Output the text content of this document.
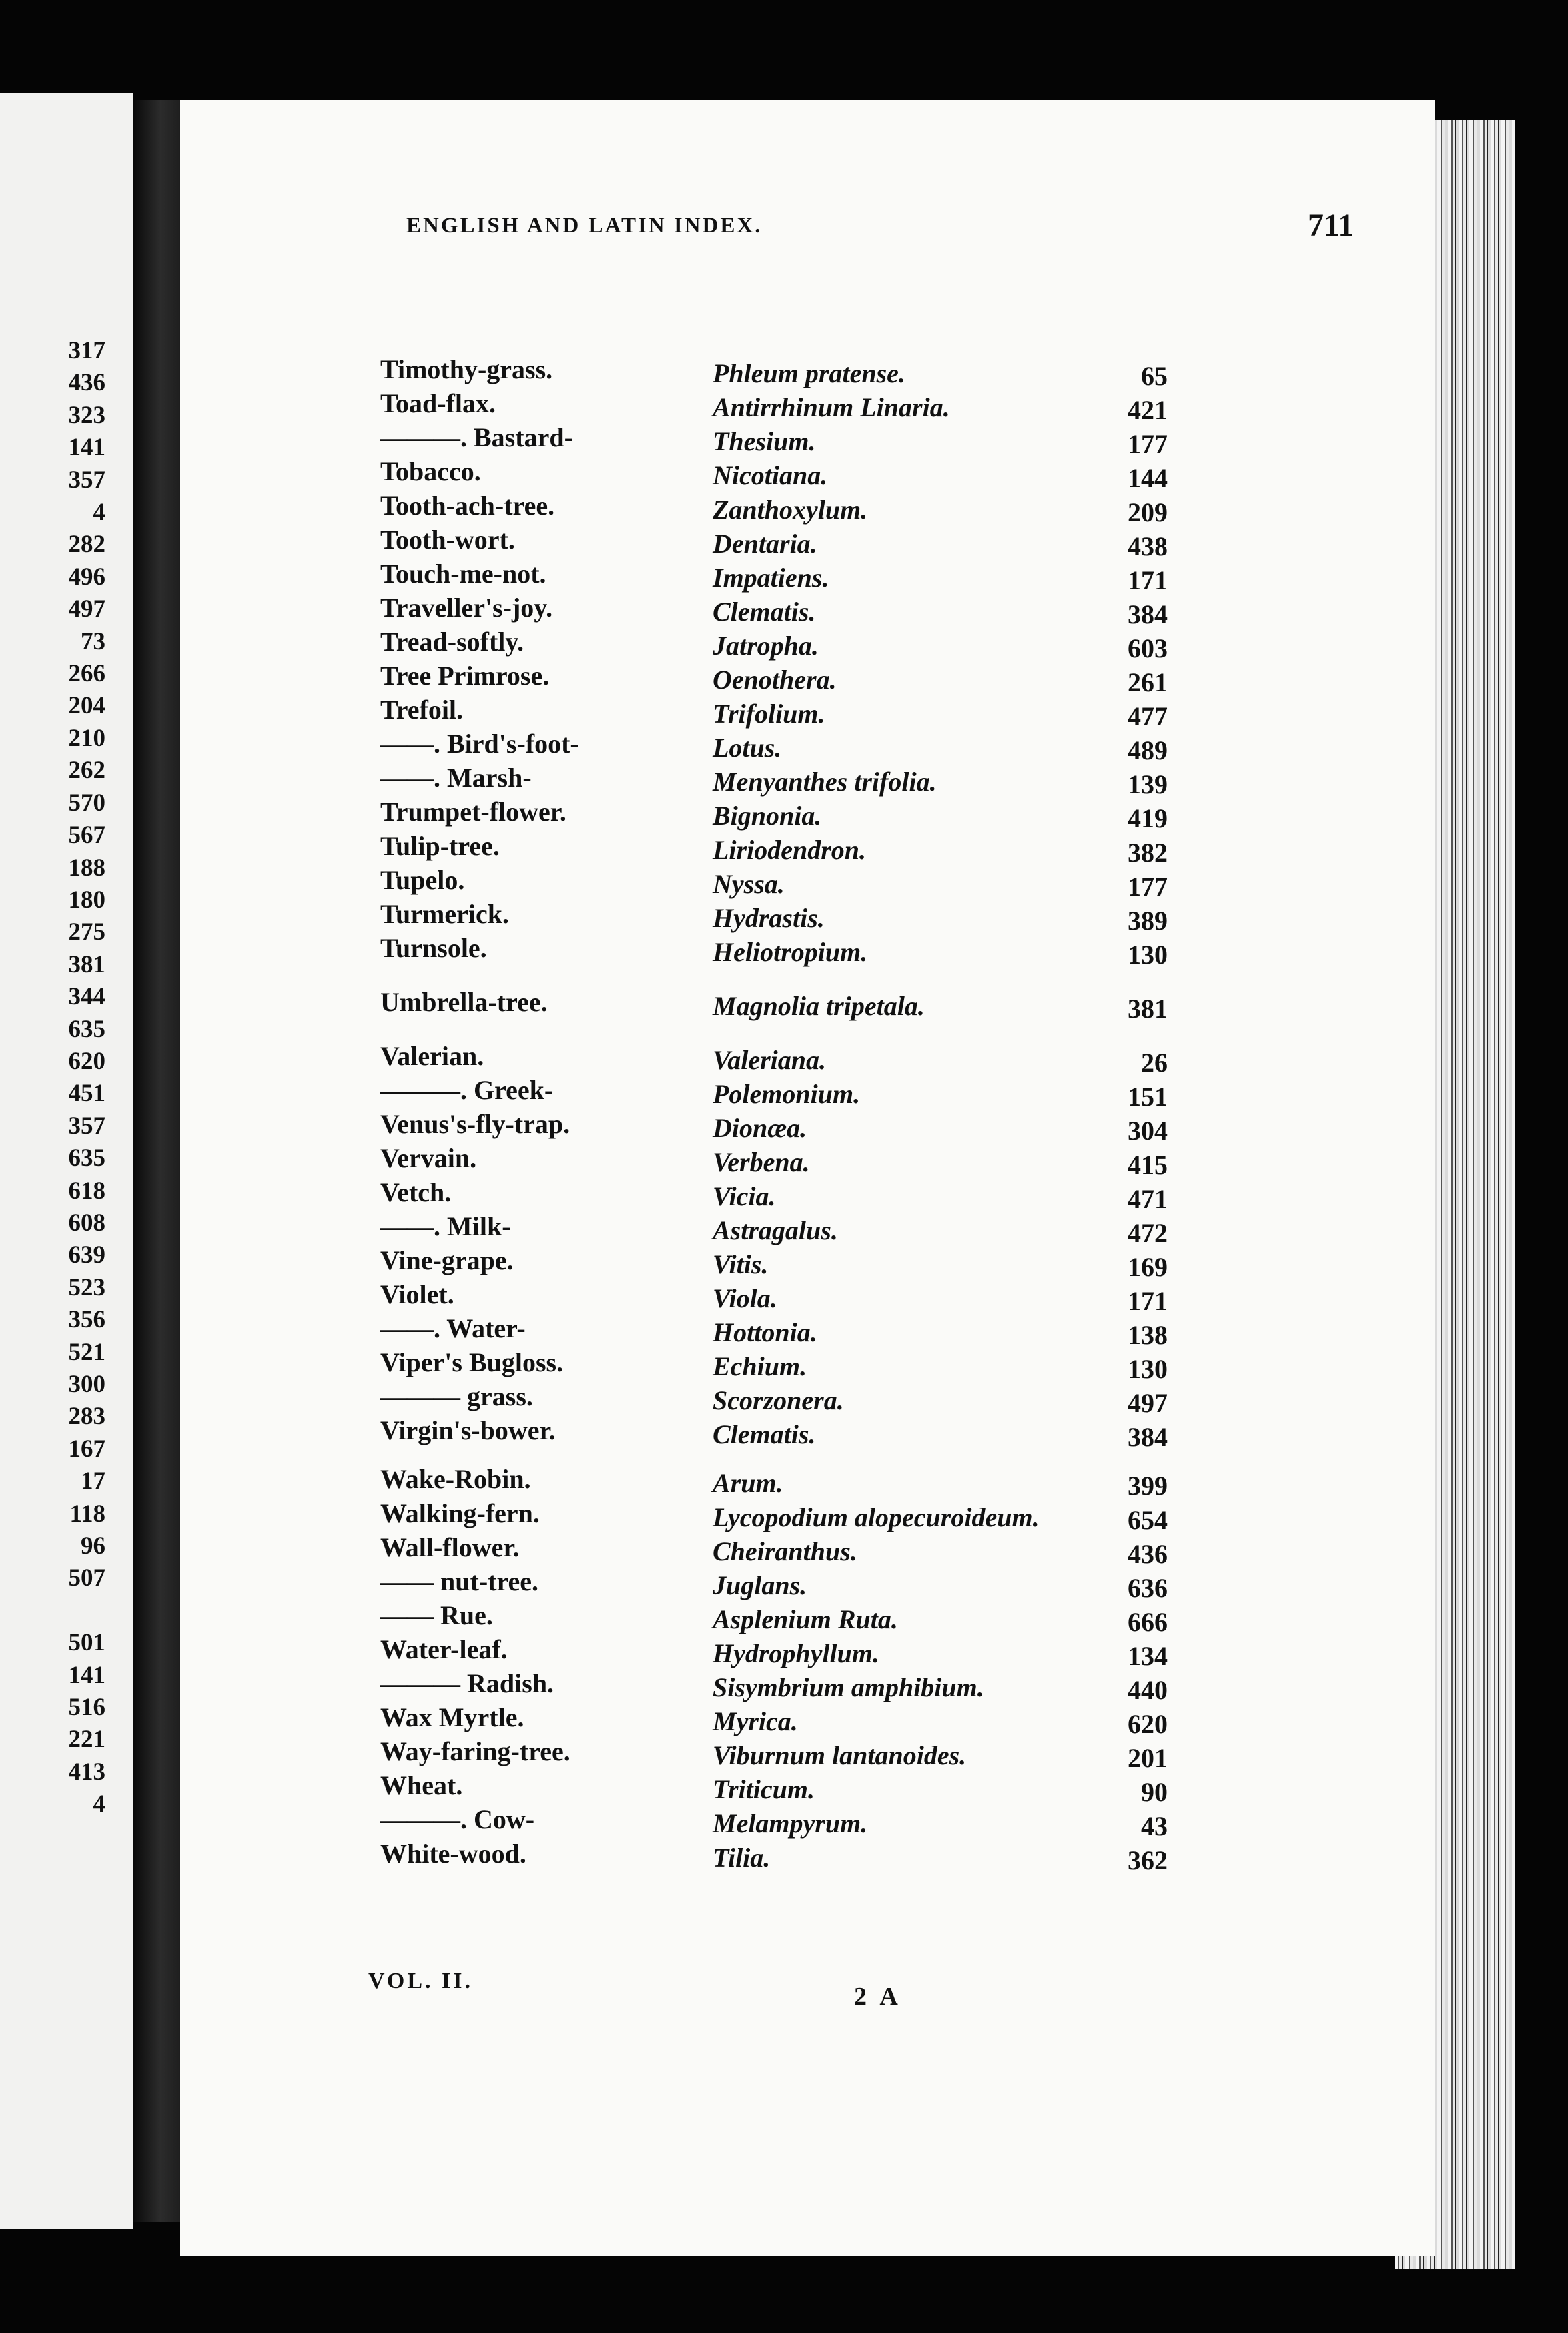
317
436
323
141
357
4
282
496
497
73
266
204
210
262
570
567
188
180
275
381
344
635
620
451
357
635
618
608
639
523
356
521
300
283
167
17
118
96
507

501
141
516
221
413
4
ENGLISH AND LATIN INDEX.	711
Timothy-grass.	Phleum pratense.	65
Toad-flax.	Antirrhinum Linaria.	421
———. Bastard-	Thesium.	177
Tobacco.	Nicotiana.	144
Tooth-ach-tree.	Zanthoxylum.	209
Tooth-wort.	Dentaria.	438
Touch-me-not.	Impatiens.	171
Traveller's-joy.	Clematis.	384
Tread-softly.	Jatropha.	603
Tree Primrose.	Oenothera.	261
Trefoil.	Trifolium.	477
——. Bird's-foot-	Lotus.	489
——. Marsh-	Menyanthes trifolia.	139
Trumpet-flower.	Bignonia.	419
Tulip-tree.	Liriodendron.	382
Tupelo.	Nyssa.	177
Turmerick.	Hydrastis.	389
Turnsole.	Heliotropium.	130
Umbrella-tree.	Magnolia tripetala.	381
Valerian.	Valeriana.	26
———. Greek-	Polemonium.	151
Venus's-fly-trap.	Dionæa.	304
Vervain.	Verbena.	415
Vetch.	Vicia.	471
——. Milk-	Astragalus.	472
Vine-grape.	Vitis.	169
Violet.	Viola.	171
——. Water-	Hottonia.	138
Viper's Bugloss.	Echium.	130
——— grass.	Scorzonera.	497
Virgin's-bower.	Clematis.	384
Wake-Robin.	Arum.	399
Walking-fern.	Lycopodium alopecuroideum.	654
Wall-flower.	Cheiranthus.	436
—— nut-tree.	Juglans.	636
—— Rue.	Asplenium Ruta.	666
Water-leaf.	Hydrophyllum.	134
——— Radish.	Sisymbrium amphibium.	440
Wax Myrtle.	Myrica.	620
Way-faring-tree.	Viburnum lantanoides.	201
Wheat.	Triticum.	90
———. Cow-	Melampyrum.	43
White-wood.	Tilia.	362
VOL. II.
2 A
